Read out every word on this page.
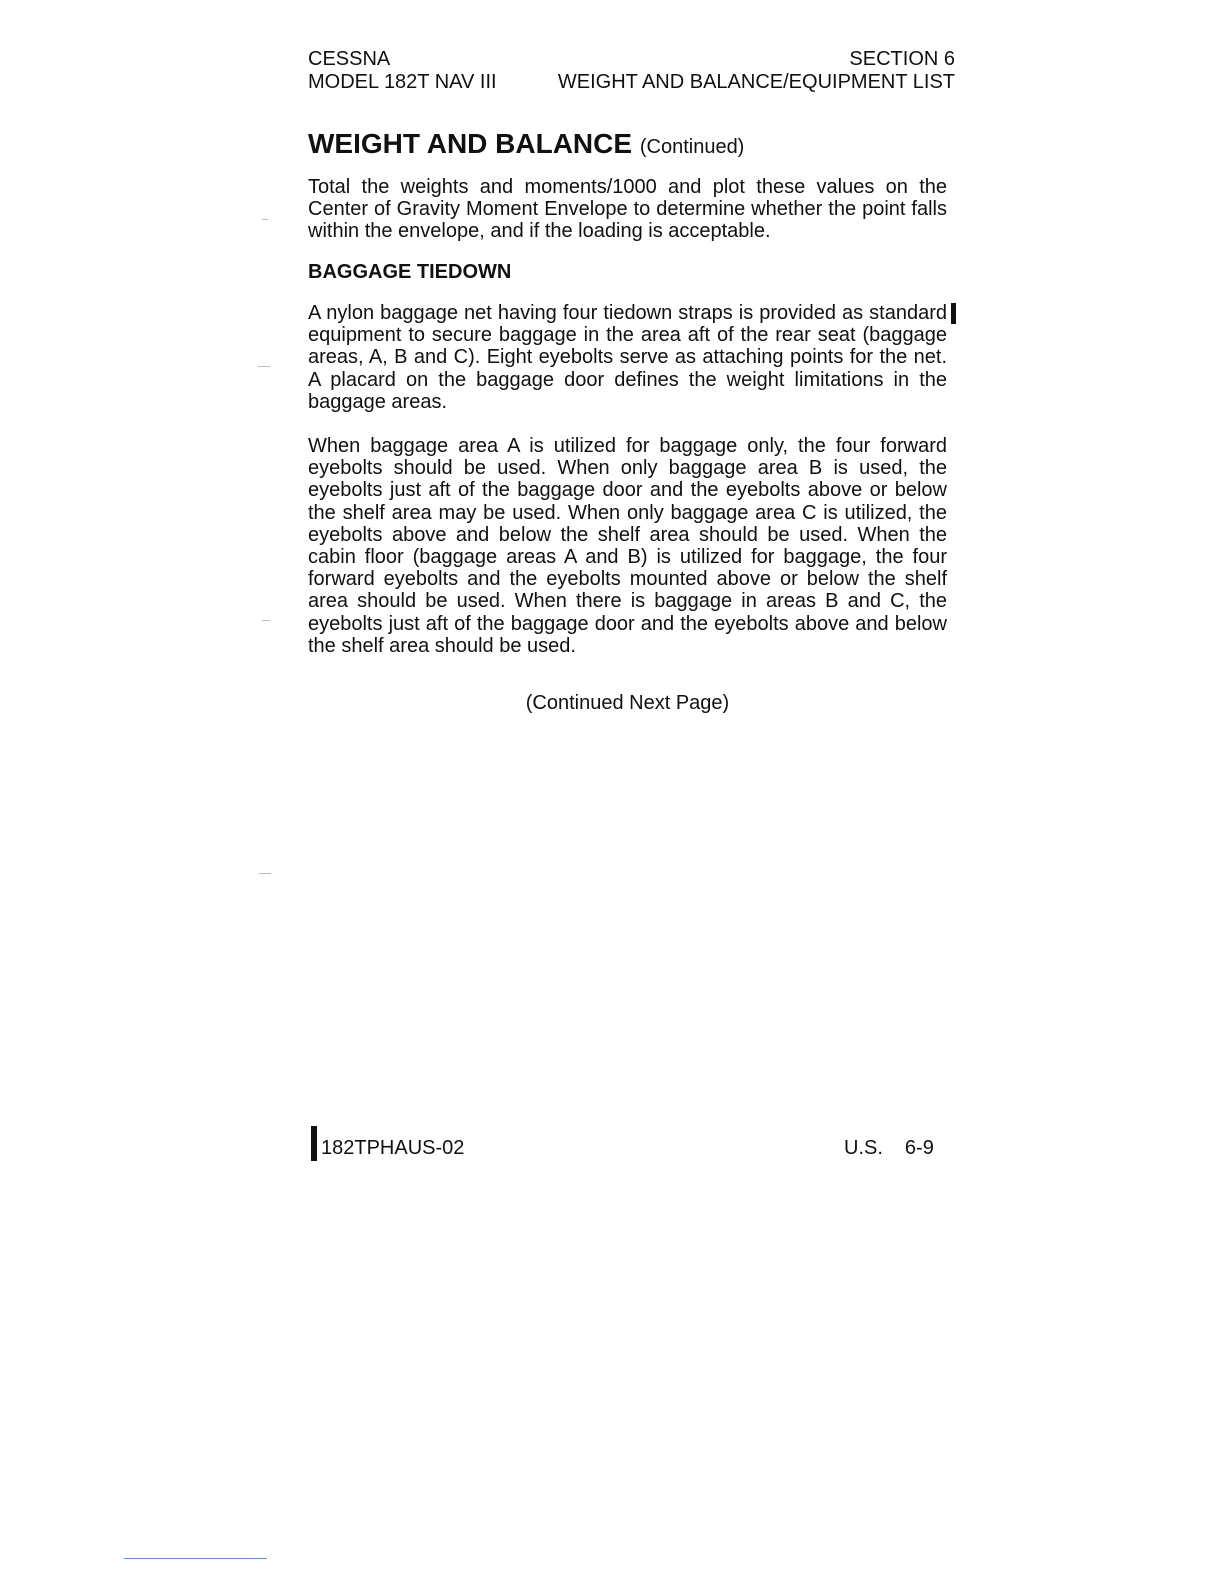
CESSNA	SECTION 6
MODEL 182T NAV III	WEIGHT AND BALANCE/EQUIPMENT LIST
WEIGHT AND BALANCE (Continued)

Total the weights and moments/1000 and plot these values on the Center of Gravity Moment Envelope to determine whether the point falls within the envelope, and if the loading is acceptable.

BAGGAGE TIEDOWN

A nylon baggage net having four tiedown straps is provided as standard equipment to secure baggage in the area aft of the rear seat (baggage areas, A, B and C). Eight eyebolts serve as attaching points for the net. A placard on the baggage door defines the weight limitations in the baggage areas.

When baggage area A is utilized for baggage only, the four forward eyebolts should be used. When only baggage area B is used, the eyebolts just aft of the baggage door and the eyebolts above or below the shelf area may be used. When only baggage area C is utilized, the eyebolts above and below the shelf area should be used. When the cabin floor (baggage areas A and B) is utilized for baggage, the four forward eyebolts and the eyebolts mounted above or below the shelf area should be used. When there is baggage in areas B and C, the eyebolts just aft of the baggage door and the eyebolts above and below the shelf area should be used.

(Continued Next Page)
182TPHAUS-02	U.S. 6-9
